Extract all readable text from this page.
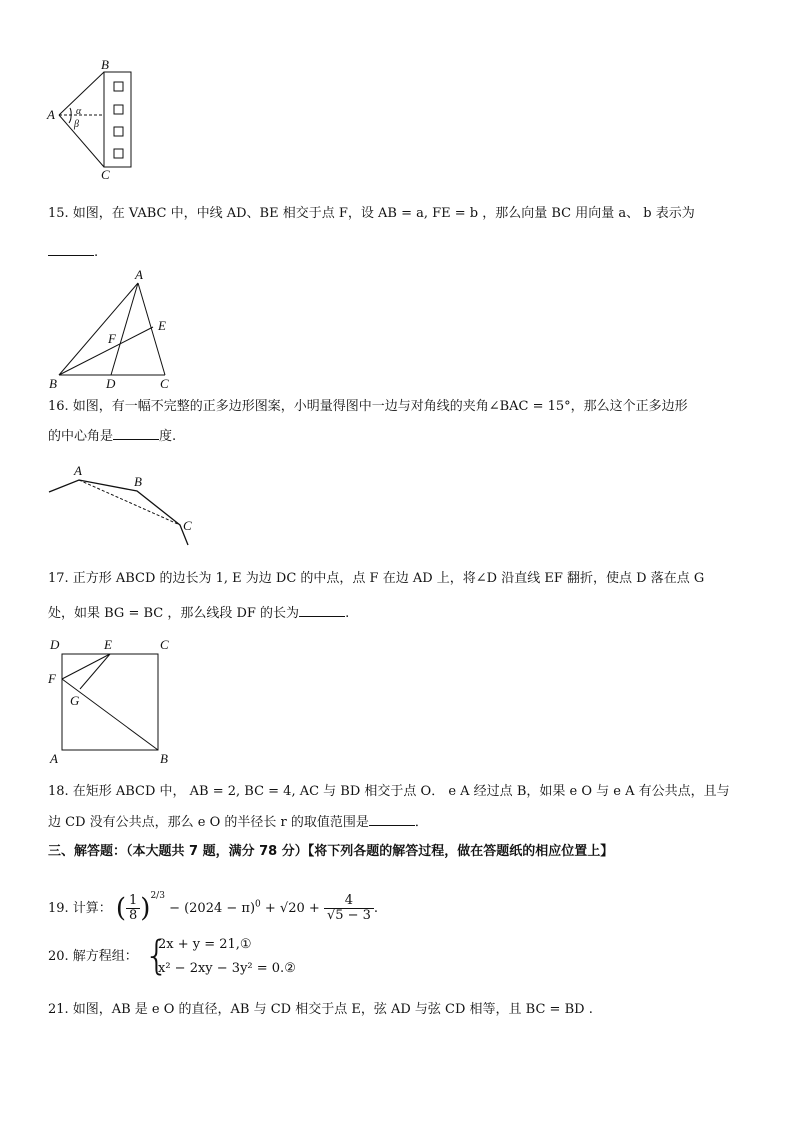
B
A
C
α
β
15. 如图，在 VABC 中，中线 AD、BE 相交于点 F，设 AB = a, FE = b ，那么向量 BC 用向量 a、 b 表示为
.
A
E
F
B	D	C
16. 如图，有一幅不完整的正多边形图案，小明量得图中一边与对角线的夹角∠BAC = 15°，那么这个正多边形
的中心角是	度.
A
B
C
17. 正方形 ABCD 的边长为 1, E 为边 DC 的中点，点 F 在边 AD 上，将∠D 沿直线 EF 翻折，使点 D 落在点 G
处，如果 BG = BC ，那么线段 DF 的长为	.
D	E	C
F
G
A	B
18. 在矩形 ABCD 中， AB = 2, BC = 4, AC 与 BD 相交于点 O． e A 经过点 B，如果 e O 与 e A 有公共点，且与
边 CD 没有公共点，那么 e O 的半径长 r 的取值范围是	．
三、解答题：（本大题共 7 题，满分 78 分）【将下列各题的解答过程，做在答题纸的相应位置上】
19. 计算： ( $\frac{1}{8} )^{2/3} - (2024 - \pi)^0 + √20 + \frac{4}{√5 - 3}$ .
20. 解方程组： {
2x + y = 21,①
x² − 2xy − 3y² = 0.②
21. 如图，AB 是 e O 的直径，AB 与 CD 相交于点 E，弦 AD 与弦 CD 相等，且 BC = BD .
